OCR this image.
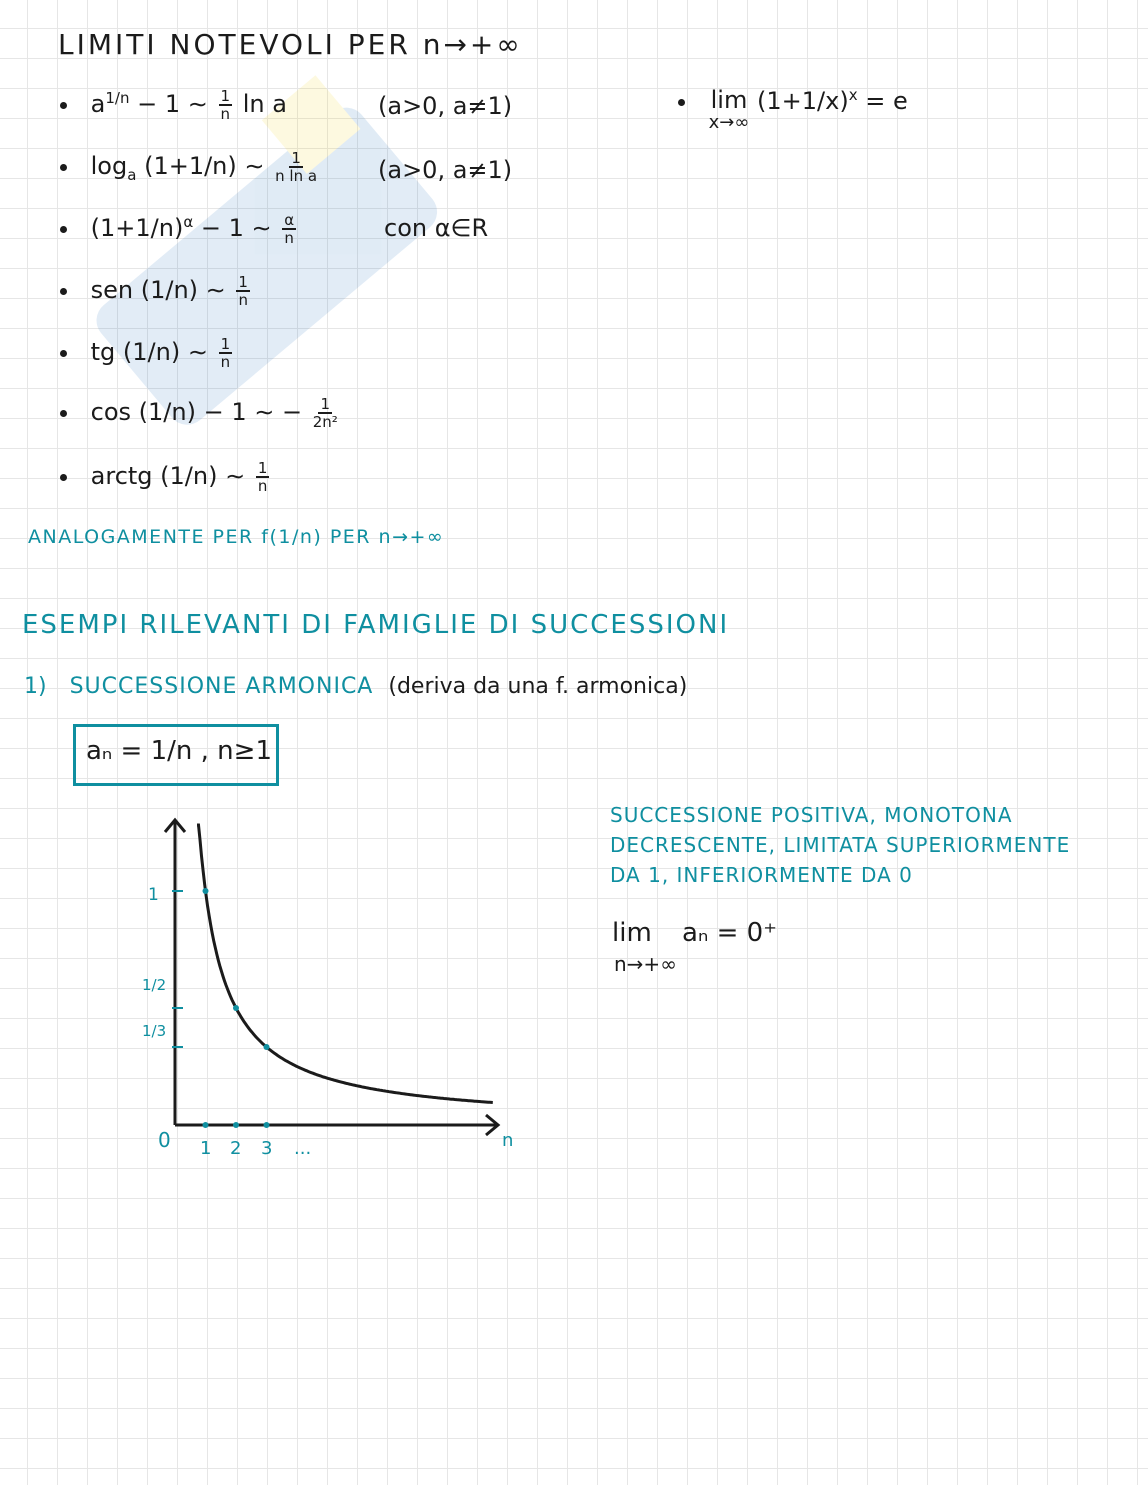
LIMITI NOTEVOLI PER n→+∞
$a^{1/n} - 1$ ∼ $\frac{1}{n}$ ln a	(a>0, a≠1)
$\log_a (1+1/n)$ ∼ $\frac{1}{\text{n ln a}}$	(a>0, a≠1)
$(1+1/n)^\alpha - 1$ ∼ $\frac{\alpha}{n}$	con α∈R
sen (1/n) ∼ $\frac{1}{n}$
tg (1/n) ∼ $\frac{1}{n}$
cos (1/n) − 1 ∼ − $\frac{1}{\text{2n²}}$
arctg (1/n) ∼ $\frac{1}{n}$

lim
x→∞
$(1+1/x)^x = e$
ANALOGAMENTE PER f(1/n) PER n→+∞
ESEMPI RILEVANTI DI FAMIGLIE DI SUCCESSIONI
1) SUCCESSIONE ARMONICA (deriva da una f. armonica)
aₙ = 1/n , n≥1
SUCCESSIONE POSITIVA, MONOTONA
DECRESCENTE, LIMITATA SUPERIORMENTE
DA 1, INFERIORMENTE DA 0
lim aₙ = 0⁺
n→+∞
0	n
1 2 3 ...
1
1/2
1/3
